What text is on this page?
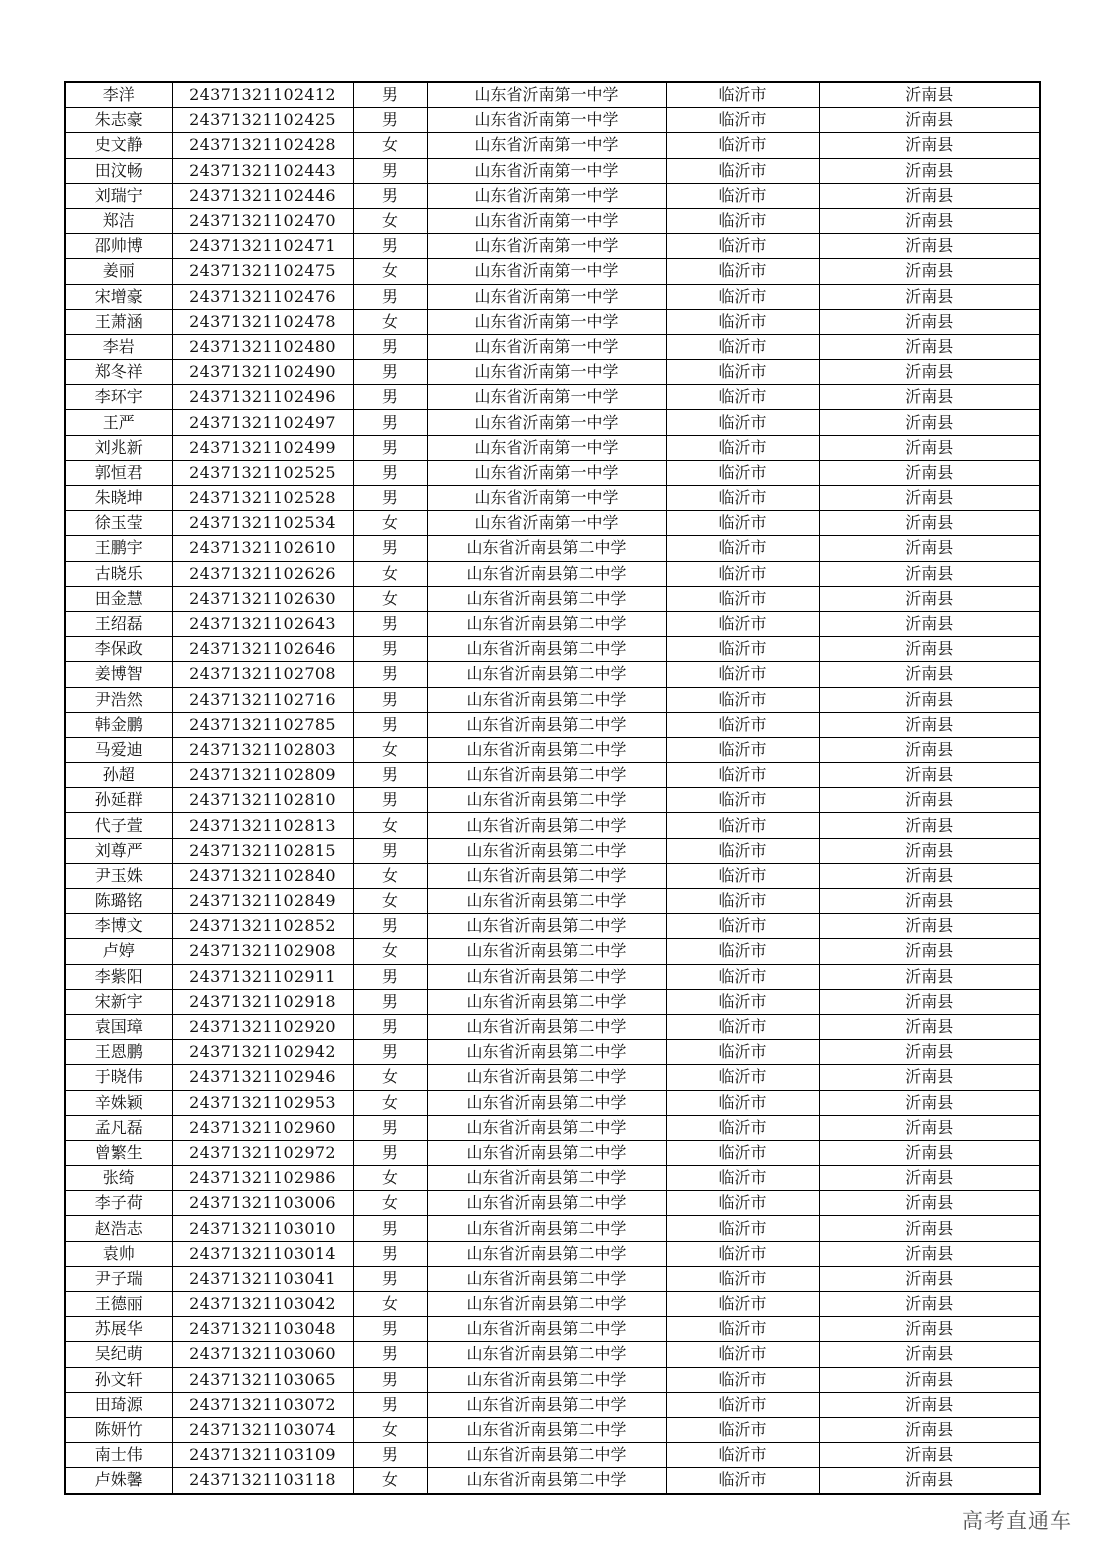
李洋	24371321102412	男	山东省沂南第一中学	临沂市	沂南县
朱志豪	24371321102425	男	山东省沂南第一中学	临沂市	沂南县
史文静	24371321102428	女	山东省沂南第一中学	临沂市	沂南县
田汶畅	24371321102443	男	山东省沂南第一中学	临沂市	沂南县
刘瑞宁	24371321102446	男	山东省沂南第一中学	临沂市	沂南县
郑洁	24371321102470	女	山东省沂南第一中学	临沂市	沂南县
邵帅博	24371321102471	男	山东省沂南第一中学	临沂市	沂南县
姜丽	24371321102475	女	山东省沂南第一中学	临沂市	沂南县
宋增豪	24371321102476	男	山东省沂南第一中学	临沂市	沂南县
王萧涵	24371321102478	女	山东省沂南第一中学	临沂市	沂南县
李岩	24371321102480	男	山东省沂南第一中学	临沂市	沂南县
郑冬祥	24371321102490	男	山东省沂南第一中学	临沂市	沂南县
李环宇	24371321102496	男	山东省沂南第一中学	临沂市	沂南县
王严	24371321102497	男	山东省沂南第一中学	临沂市	沂南县
刘兆新	24371321102499	男	山东省沂南第一中学	临沂市	沂南县
郭恒君	24371321102525	男	山东省沂南第一中学	临沂市	沂南县
朱晓坤	24371321102528	男	山东省沂南第一中学	临沂市	沂南县
徐玉莹	24371321102534	女	山东省沂南第一中学	临沂市	沂南县
王鹏宇	24371321102610	男	山东省沂南县第二中学	临沂市	沂南县
古晓乐	24371321102626	女	山东省沂南县第二中学	临沂市	沂南县
田金慧	24371321102630	女	山东省沂南县第二中学	临沂市	沂南县
王绍磊	24371321102643	男	山东省沂南县第二中学	临沂市	沂南县
李保政	24371321102646	男	山东省沂南县第二中学	临沂市	沂南县
姜博智	24371321102708	男	山东省沂南县第二中学	临沂市	沂南县
尹浩然	24371321102716	男	山东省沂南县第二中学	临沂市	沂南县
韩金鹏	24371321102785	男	山东省沂南县第二中学	临沂市	沂南县
马爱迪	24371321102803	女	山东省沂南县第二中学	临沂市	沂南县
孙超	24371321102809	男	山东省沂南县第二中学	临沂市	沂南县
孙延群	24371321102810	男	山东省沂南县第二中学	临沂市	沂南县
代子萱	24371321102813	女	山东省沂南县第二中学	临沂市	沂南县
刘尊严	24371321102815	男	山东省沂南县第二中学	临沂市	沂南县
尹玉姝	24371321102840	女	山东省沂南县第二中学	临沂市	沂南县
陈璐铭	24371321102849	女	山东省沂南县第二中学	临沂市	沂南县
李博文	24371321102852	男	山东省沂南县第二中学	临沂市	沂南县
卢婷	24371321102908	女	山东省沂南县第二中学	临沂市	沂南县
李紫阳	24371321102911	男	山东省沂南县第二中学	临沂市	沂南县
宋新宇	24371321102918	男	山东省沂南县第二中学	临沂市	沂南县
袁国璋	24371321102920	男	山东省沂南县第二中学	临沂市	沂南县
王恩鹏	24371321102942	男	山东省沂南县第二中学	临沂市	沂南县
于晓伟	24371321102946	女	山东省沂南县第二中学	临沂市	沂南县
辛姝颖	24371321102953	女	山东省沂南县第二中学	临沂市	沂南县
孟凡磊	24371321102960	男	山东省沂南县第二中学	临沂市	沂南县
曾繁生	24371321102972	男	山东省沂南县第二中学	临沂市	沂南县
张绮	24371321102986	女	山东省沂南县第二中学	临沂市	沂南县
李子荷	24371321103006	女	山东省沂南县第二中学	临沂市	沂南县
赵浩志	24371321103010	男	山东省沂南县第二中学	临沂市	沂南县
袁帅	24371321103014	男	山东省沂南县第二中学	临沂市	沂南县
尹子瑞	24371321103041	男	山东省沂南县第二中学	临沂市	沂南县
王德丽	24371321103042	女	山东省沂南县第二中学	临沂市	沂南县
苏展华	24371321103048	男	山东省沂南县第二中学	临沂市	沂南县
吴纪萌	24371321103060	男	山东省沂南县第二中学	临沂市	沂南县
孙文轩	24371321103065	男	山东省沂南县第二中学	临沂市	沂南县
田琦源	24371321103072	男	山东省沂南县第二中学	临沂市	沂南县
陈妍竹	24371321103074	女	山东省沂南县第二中学	临沂市	沂南县
南士伟	24371321103109	男	山东省沂南县第二中学	临沂市	沂南县
卢姝馨	24371321103118	女	山东省沂南县第二中学	临沂市	沂南县
高考直通车
